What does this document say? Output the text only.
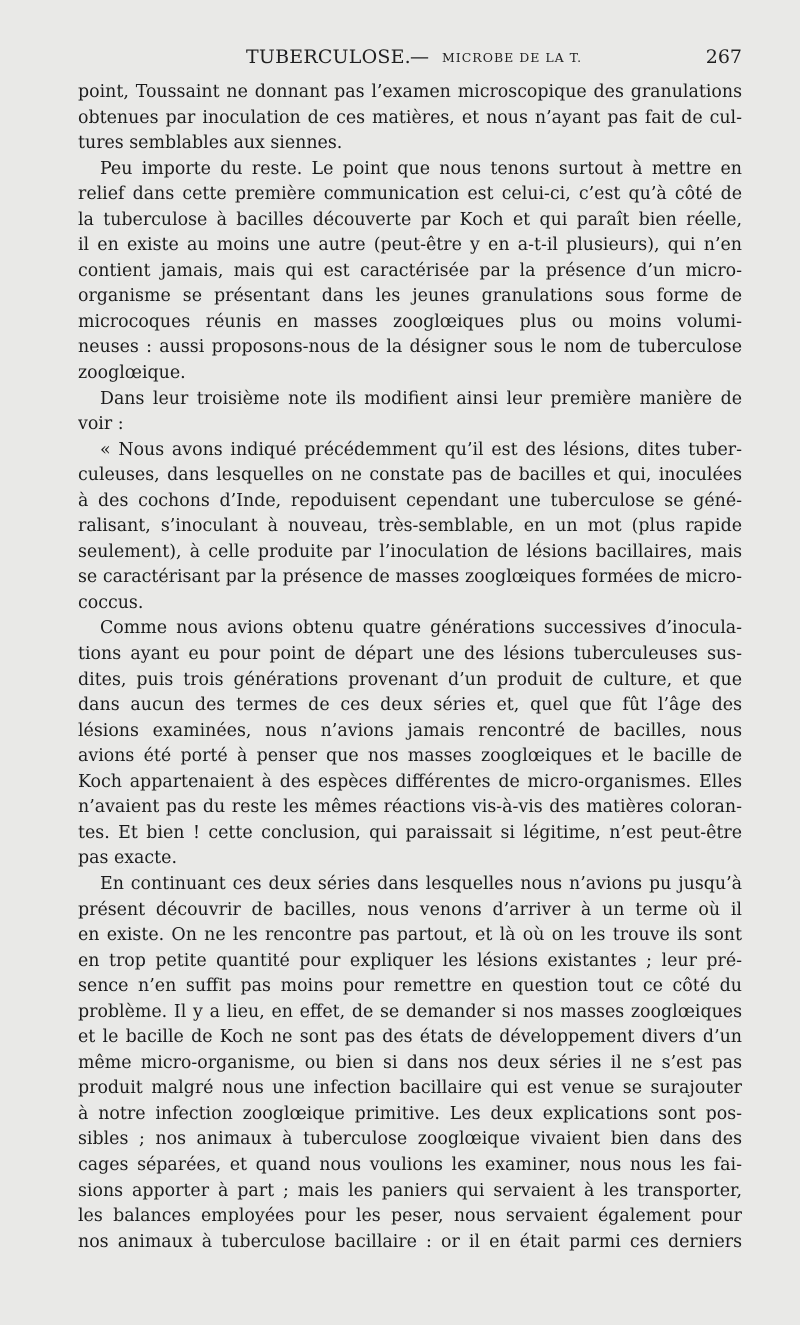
TUBERCULOSE. — MICROBE DE LA T.	267
point, Toussaint ne donnant pas l’examen microscopique des granulations
obtenues par inoculation de ces matières, et nous n’ayant pas fait de cul-
tures semblables aux siennes.
Peu importe du reste. Le point que nous tenons surtout à mettre en
relief dans cette première communication est celui-ci, c’est qu’à côté de
la tuberculose à bacilles découverte par Koch et qui paraît bien réelle,
il en existe au moins une autre (peut-être y en a-t-il plusieurs), qui n’en
contient jamais, mais qui est caractérisée par la présence d’un micro-
organisme se présentant dans les jeunes granulations sous forme de
microcoques réunis en masses zooglœiques plus ou moins volumi-
neuses : aussi proposons-nous de la désigner sous le nom de tuberculose
zooglœique.
Dans leur troisième note ils modifient ainsi leur première manière de
voir :
« Nous avons indiqué précédemment qu’il est des lésions, dites tuber-
culeuses, dans lesquelles on ne constate pas de bacilles et qui, inoculées
à des cochons d’Inde, repoduisent cependant une tuberculose se géné-
ralisant, s’inoculant à nouveau, très-semblable, en un mot (plus rapide
seulement), à celle produite par l’inoculation de lésions bacillaires, mais
se caractérisant par la présence de masses zooglœiques formées de micro-
coccus.
Comme nous avions obtenu quatre générations successives d’inocula-
tions ayant eu pour point de départ une des lésions tuberculeuses sus-
dites, puis trois générations provenant d’un produit de culture, et que
dans aucun des termes de ces deux séries et, quel que fût l’âge des
lésions examinées, nous n’avions jamais rencontré de bacilles, nous
avions été porté à penser que nos masses zooglœiques et le bacille de
Koch appartenaient à des espèces différentes de micro-organismes. Elles
n’avaient pas du reste les mêmes réactions vis-à-vis des matières coloran-
tes. Et bien ! cette conclusion, qui paraissait si légitime, n’est peut-être
pas exacte.
En continuant ces deux séries dans lesquelles nous n’avions pu jusqu’à
présent découvrir de bacilles, nous venons d’arriver à un terme où il
en existe. On ne les rencontre pas partout, et là où on les trouve ils sont
en trop petite quantité pour expliquer les lésions existantes ; leur pré-
sence n’en suffit pas moins pour remettre en question tout ce côté du
problème. Il y a lieu, en effet, de se demander si nos masses zooglœiques
et le bacille de Koch ne sont pas des états de développement divers d’un
même micro-organisme, ou bien si dans nos deux séries il ne s’est pas
produit malgré nous une infection bacillaire qui est venue se surajouter
à notre infection zooglœique primitive. Les deux explications sont pos-
sibles ; nos animaux à tuberculose zooglœique vivaient bien dans des
cages séparées, et quand nous voulions les examiner, nous nous les fai-
sions apporter à part ; mais les paniers qui servaient à les transporter,
les balances employées pour les peser, nous servaient également pour
nos animaux à tuberculose bacillaire : or il en était parmi ces derniers
